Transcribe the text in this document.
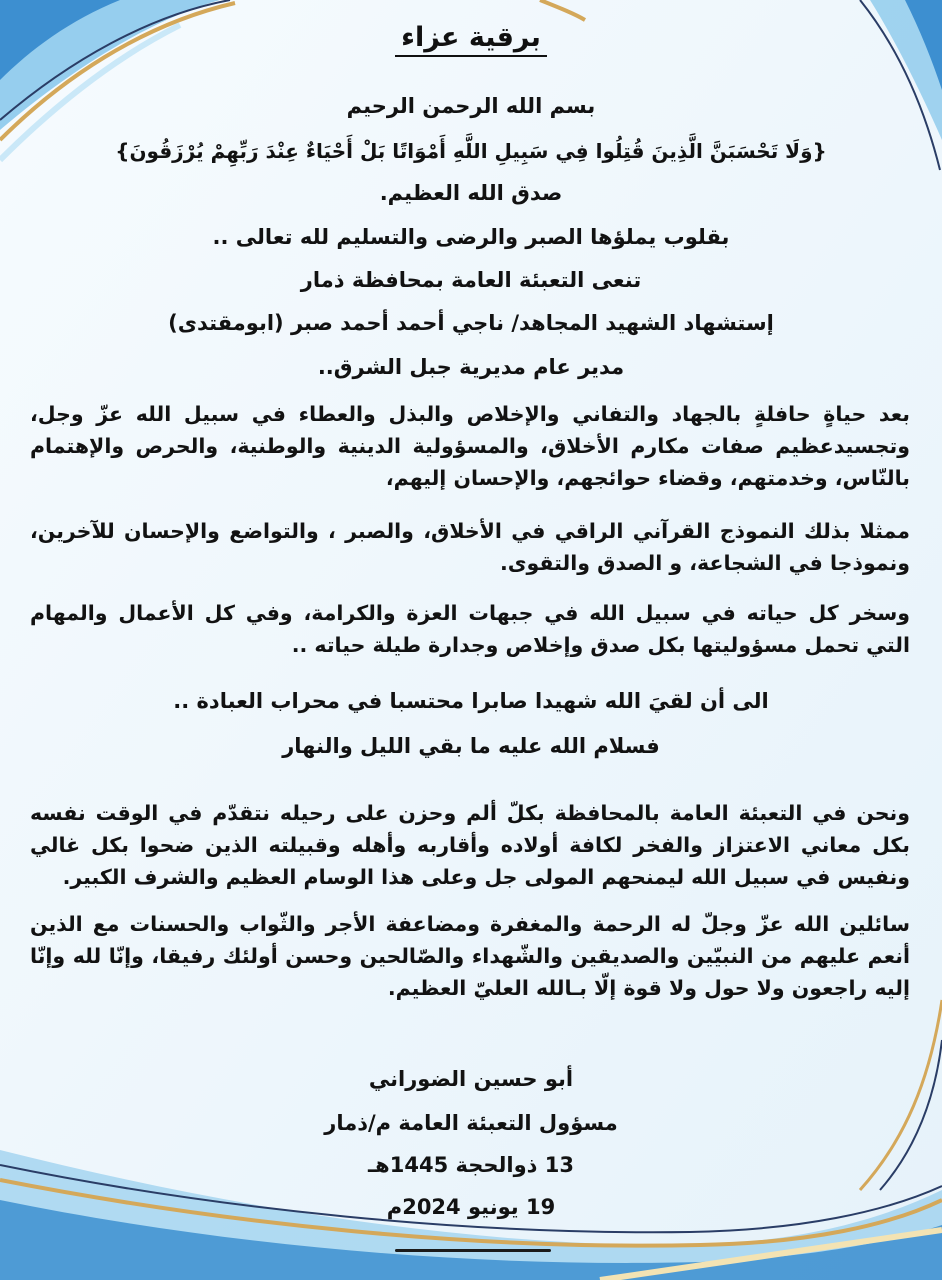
برقية عزاء
بسم الله الرحمن الرحيم
{وَلَا تَحْسَبَنَّ الَّذِينَ قُتِلُوا فِي سَبِيلِ اللَّهِ أَمْوَاتًا بَلْ أَحْيَاءٌ عِنْدَ رَبِّهِمْ يُرْزَقُونَ}
صدق الله العظيم.
بقلوب يملؤها الصبر والرضى والتسليم لله تعالى ..
تنعى التعبئة العامة بمحافظة ذمار
إستشهاد الشهيد المجاهد/ ناجي أحمد أحمد صبر (ابومقتدى)
مدير عام مديرية جبل الشرق..
بعد حياةٍ حافلةٍ بالجهاد والتفاني والإخلاص والبذل والعطاء في سبيل الله عزّ وجل، وتجسيدعظيم صفات مكارم الأخلاق، والمسؤولية الدينية والوطنية، والحرص والإهتمام بالنّاس، وخدمتهم، وقضاء حوائجهم، والإحسان إليهم،
ممثلا بذلك النموذج القرآني الراقي في الأخلاق، والصبر ، والتواضع والإحسان للآخرين، ونموذجا في الشجاعة، و الصدق والتقوى.
وسخر كل حياته في سبيل الله في جبهات العزة والكرامة، وفي كل الأعمال والمهام التي تحمل مسؤوليتها بكل صدق وإخلاص وجدارة طيلة حياته ..
الى أن لقيَ الله شهيدا صابرا محتسبا في محراب العبادة ..
فسلام الله عليه ما بقي الليل والنهار
ونحن في التعبئة العامة بالمحافظة بكلّ ألم وحزن على رحيله نتقدّم في الوقت نفسه بكل معاني الاعتزاز والفخر لكافة أولاده وأقاربه وأهله وقبيلته الذين ضحوا بكل غالي ونفيس في سبيل الله ليمنحهم المولى جل وعلى هذا الوسام العظيم والشرف الكبير.
سائلين الله عزّ وجلّ له الرحمة والمغفرة ومضاعفة الأجر والثّواب والحسنات مع الذين أنعم عليهم من النبيّين والصديقين والشّهداء والصّالحين وحسن أولئك رفيقا، وإنّا لله وإنّا إليه راجعون ولا حول ولا قوة إلّا بـالله العليّ العظيم.
أبو حسين الضوراني
مسؤول التعبئة العامة م/ذمار
13 ذوالحجة 1445هـ
19 يونيو 2024م
